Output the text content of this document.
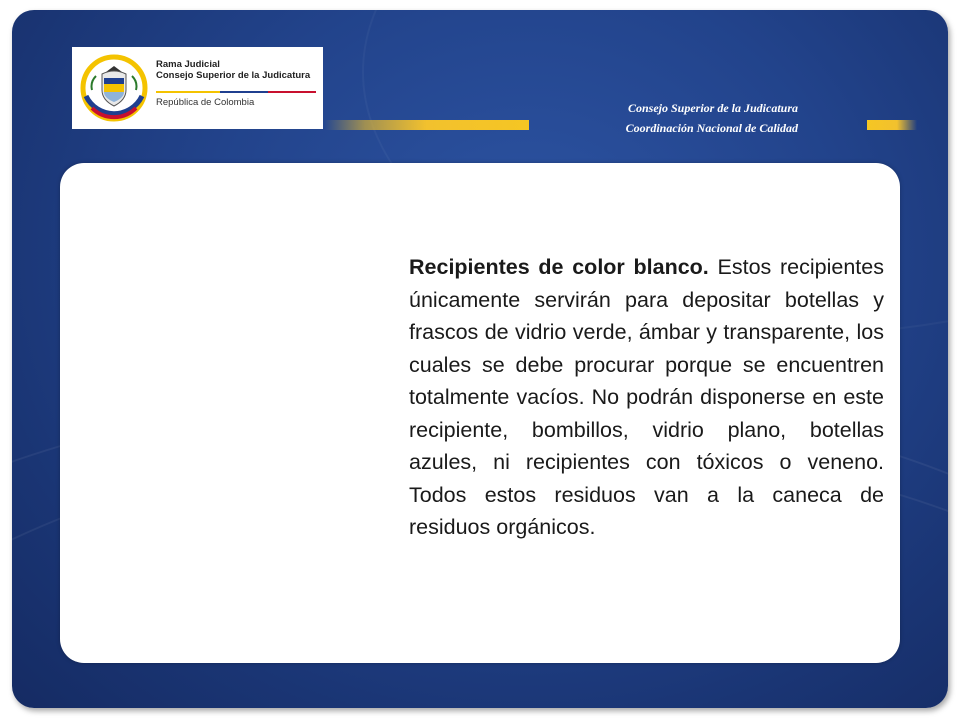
Rama Judicial
Consejo Superior de la Judicatura
República de Colombia	Consejo Superior de la Judicatura
Coordinación Nacional de Calidad

Recipientes de color blanco. Estos recipientes únicamente servirán para depositar botellas y frascos de vidrio verde, ámbar y transparente, los cuales se debe procurar porque se encuentren totalmente vacíos. No podrán disponerse en este recipiente, bombillos, vidrio plano, botellas azules, ni recipientes con tóxicos o veneno. Todos estos residuos van a la caneca de residuos orgánicos.
